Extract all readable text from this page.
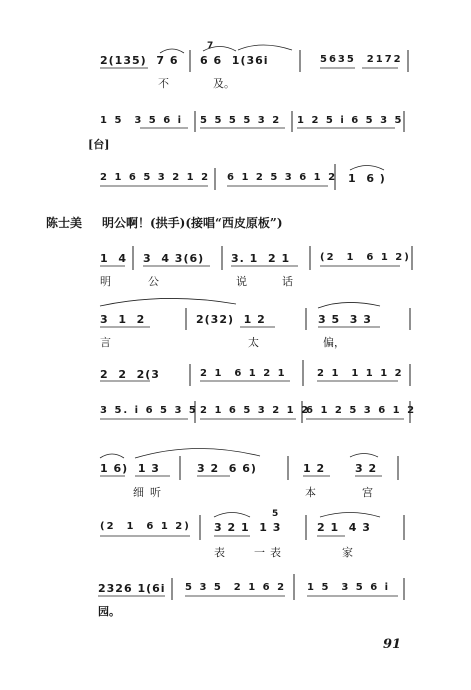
2(135)  7 6
7
6 6  1(36i	5635  2172
不	及。
1 5  3 5 6 i 5 5 5 5 3 2 1 2 5 i 6 5 3 5
[台]
2 1 6 5 3 2 1 2 6 1 2 5 3 6 1 2 1  6 )
陈士美 明公啊！(拱手)(接唱“西皮原板”)
1  4 3  4 3(6) 3. 1  2 1	(2  1  6 1 2)
明	公	说	话
3  1  2	2(32)  1 2	3 5  3 3
言	太	偏，
2  2  2(3	2 1  6 1 2 1	2 1  1 1 1 2
3 5. i 6 5 3 5 2 1 6 5 3 2 1 2
6 1 2 5 3 6 1 2
1 6)  1 3	3 2  6 6)	1 2	3 2
细 听	本	宫
(2  1  6 1 2) 3 2 1  1 3
5
2 1  4 3
表	一 表	家
2326 1(6i 5 3 5  2 1 6 2 1 5  3 5 6 i
园。
91
